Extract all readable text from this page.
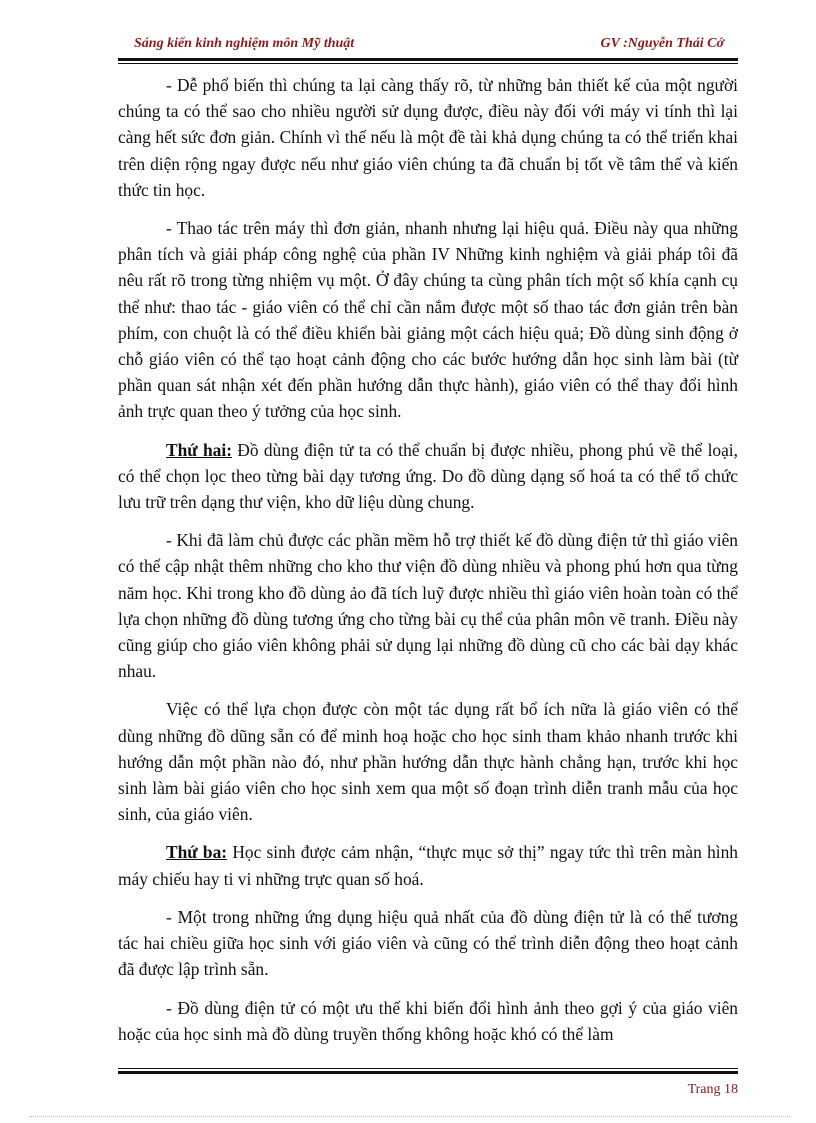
Sáng kiến kinh nghiệm môn Mỹ thuật	GV :Nguyễn Thái Cớ

- Dễ phổ biến thì chúng ta lại càng thấy rõ, từ những bản thiết kế của một người chúng ta có thể sao cho nhiều người sử dụng được, điều này đối với máy vi tính thì lại càng hết sức đơn giản. Chính vì thế nếu là một đề tài khả dụng chúng ta có thể triển khai trên diện rộng ngay được nếu như giáo viên chúng ta đã chuẩn bị tốt về tâm thế và kiến thức tin học.

- Thao tác trên máy thì đơn giản, nhanh nhưng lại hiệu quả. Điều này qua những phân tích và giải pháp công nghệ của phần IV Những kinh nghiệm và giải pháp tôi đã nêu rất rõ trong từng nhiệm vụ một. Ở đây chúng ta cùng phân tích một số khía cạnh cụ thể như: thao tác - giáo viên có thể chỉ cần nắm được một số thao tác đơn giản trên bàn phím, con chuột là có thể điều khiển bài giảng một cách hiệu quả; Đồ dùng sinh động ở chỗ giáo viên có thể tạo hoạt cảnh động cho các bước hướng dẫn học sinh làm bài (từ phần quan sát nhận xét đến phần hướng dẫn thực hành), giáo viên có thể thay đổi hình ảnh trực quan theo ý tưởng của học sinh.

Thứ hai: Đồ dùng điện tử ta có thể chuẩn bị được nhiều, phong phú về thể loại, có thể chọn lọc theo từng bài dạy tương ứng. Do đồ dùng dạng số hoá ta có thể tổ chức lưu trữ trên dạng thư viện, kho dữ liệu dùng chung.

- Khi đã làm chủ được các phần mềm hỗ trợ thiết kế đồ dùng điện tử thì giáo viên có thể cập nhật thêm những cho kho thư viện đồ dùng nhiều và phong phú hơn qua từng năm học. Khi trong kho đồ dùng ảo đã tích luỹ được nhiều thì giáo viên hoàn toàn có thể lựa chọn những đồ dùng tương ứng cho từng bài cụ thể của phân môn vẽ tranh. Điều này cũng giúp cho giáo viên không phải sử dụng lại những đồ dùng cũ cho các bài dạy khác nhau.

Việc có thể lựa chọn được còn một tác dụng rất bổ ích nữa là giáo viên có thể dùng những đồ dũng sẵn có để minh hoạ hoặc cho học sinh tham khảo nhanh trước khi hướng dẫn một phần nào đó, như phần hướng dẫn thực hành chẳng hạn, trước khi học sinh làm bài giáo viên cho học sinh xem qua một số đoạn trình diễn tranh mẫu của học sinh, của giáo viên.

Thứ ba: Học sinh được cảm nhận, “thực mục sở thị” ngay tức thì trên màn hình máy chiếu hay ti vi những trực quan số hoá.

- Một trong những ứng dụng hiệu quả nhất của đồ dùng điện tử là có thể tương tác hai chiều giữa học sinh với giáo viên và cũng có thể trình diễn động theo hoạt cảnh đã được lập trình sẵn.

- Đồ dùng điện tử có một ưu thế khi biến đổi hình ảnh theo gợi ý của giáo viên hoặc của học sinh mà đồ dùng truyền thống không hoặc khó có thể làm

Trang 18
